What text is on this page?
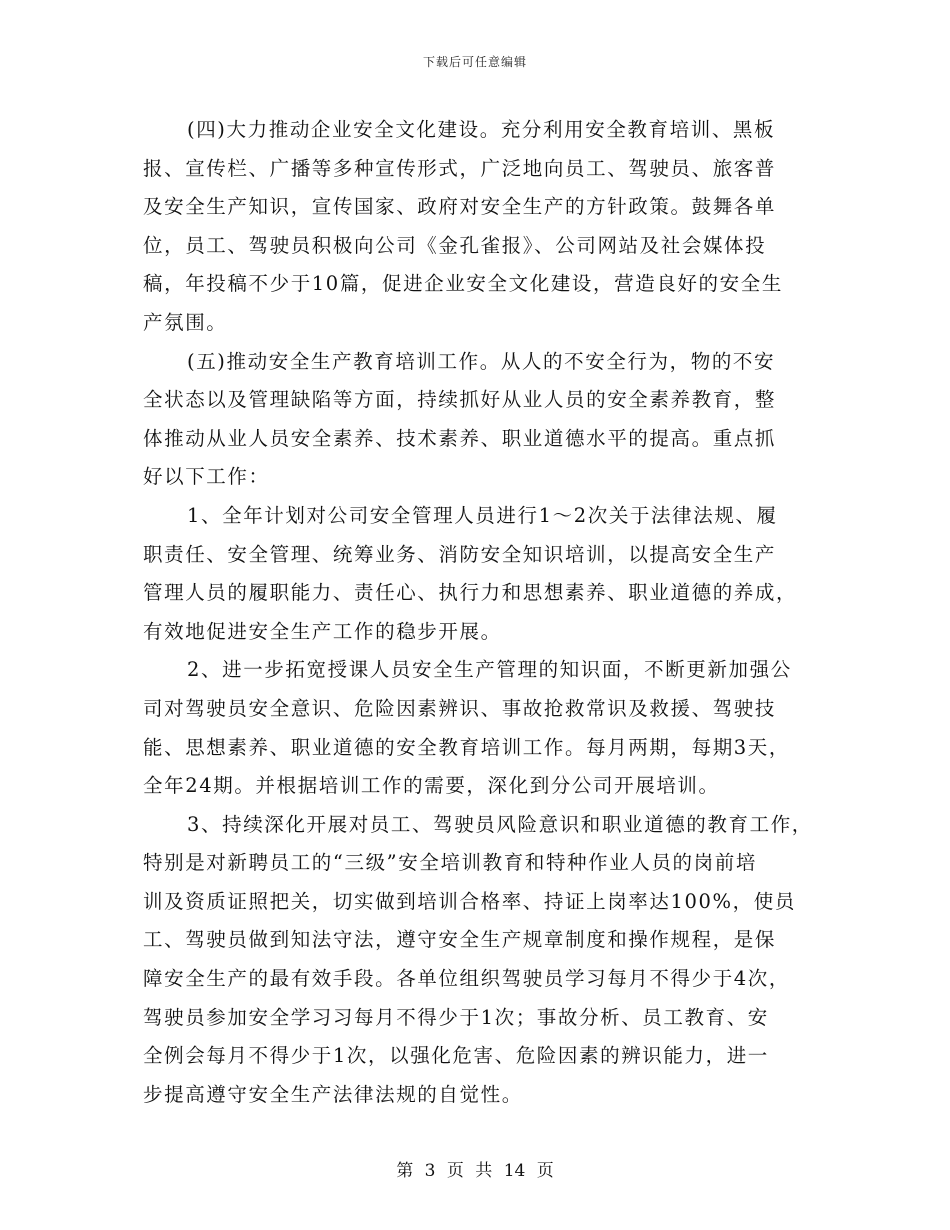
下载后可任意编辑
(四)大力推动企业安全文化建设。充分利用安全教育培训、黑板
报、宣传栏、广播等多种宣传形式，广泛地向员工、驾驶员、旅客普
及安全生产知识，宣传国家、政府对安全生产的方针政策。鼓舞各单
位，员工、驾驶员积极向公司《金孔雀报》、公司网站及社会媒体投
稿，年投稿不少于10篇，促进企业安全文化建设，营造良好的安全生
产氛围。
(五)推动安全生产教育培训工作。从人的不安全行为，物的不安
全状态以及管理缺陷等方面，持续抓好从业人员的安全素养教育，整
体推动从业人员安全素养、技术素养、职业道德水平的提高。重点抓
好以下工作：
1、全年计划对公司安全管理人员进行1～2次关于法律法规、履
职责任、安全管理、统筹业务、消防安全知识培训，以提高安全生产
管理人员的履职能力、责任心、执行力和思想素养、职业道德的养成，
有效地促进安全生产工作的稳步开展。
2、进一步拓宽授课人员安全生产管理的知识面，不断更新加强公
司对驾驶员安全意识、危险因素辨识、事故抢救常识及救援、驾驶技
能、思想素养、职业道德的安全教育培训工作。每月两期，每期3天，
全年24期。并根据培训工作的需要，深化到分公司开展培训。
3、持续深化开展对员工、驾驶员风险意识和职业道德的教育工作，
特别是对新聘员工的“三级”安全培训教育和特种作业人员的岗前培
训及资质证照把关，切实做到培训合格率、持证上岗率达100%，使员
工、驾驶员做到知法守法，遵守安全生产规章制度和操作规程，是保
障安全生产的最有效手段。各单位组织驾驶员学习每月不得少于4次，
驾驶员参加安全学习习每月不得少于1次；事故分析、员工教育、安
全例会每月不得少于1次，以强化危害、危险因素的辨识能力，进一
步提高遵守安全生产法律法规的自觉性。
第 3 页 共 14 页
